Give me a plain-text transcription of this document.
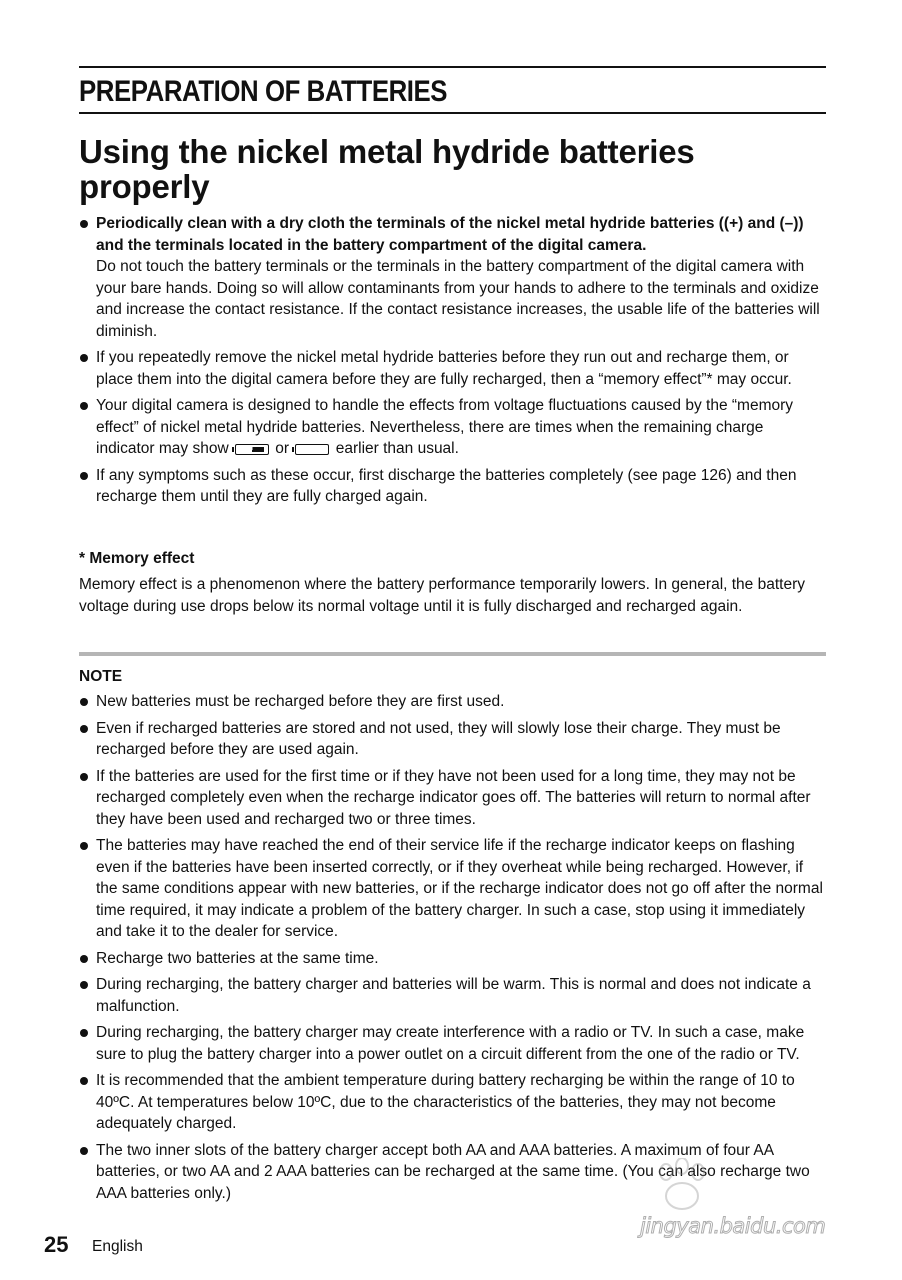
PREPARATION OF BATTERIES
Using the nickel metal hydride batteries properly
Periodically clean with a dry cloth the terminals of the nickel metal hydride batteries ((+) and (–)) and the terminals located in the battery compartment of the digital camera.
Do not touch the battery terminals or the terminals in the battery compartment of the digital camera with your bare hands. Doing so will allow contaminants from your hands to adhere to the terminals and oxidize and increase the contact resistance. If the contact resistance increases, the usable life of the batteries will diminish.
If you repeatedly remove the nickel metal hydride batteries before they run out and recharge them, or place them into the digital camera before they are fully recharged, then a “memory effect”* may occur.
Your digital camera is designed to handle the effects from voltage fluctuations caused by the “memory effect” of nickel metal hydride batteries. Nevertheless, there are times when the remaining charge indicator may show	or	earlier than usual.
If any symptoms such as these occur, first discharge the batteries completely (see page 126) and then recharge them until they are fully charged again.
* Memory effect
Memory effect is a phenomenon where the battery performance temporarily lowers. In general, the battery voltage during use drops below its normal voltage until it is fully discharged and recharged again.
NOTE
New batteries must be recharged before they are first used.
Even if recharged batteries are stored and not used, they will slowly lose their charge. They must be recharged before they are used again.
If the batteries are used for the first time or if they have not been used for a long time, they may not be recharged completely even when the recharge indicator goes off. The batteries will return to normal after they have been used and recharged two or three times.
The batteries may have reached the end of their service life if the recharge indicator keeps on flashing even if the batteries have been inserted correctly, or if they overheat while being recharged. However, if the same conditions appear with new batteries, or if the recharge indicator does not go off after the normal time required, it may indicate a problem of the battery charger. In such a case, stop using it immediately and take it to the dealer for service.
Recharge two batteries at the same time.
During recharging, the battery charger and batteries will be warm. This is normal and does not indicate a malfunction.
During recharging, the battery charger may create interference with a radio or TV. In such a case, make sure to plug the battery charger into a power outlet on a circuit different from the one of the radio or TV.
It is recommended that the ambient temperature during battery recharging be within the range of 10 to 40ºC. At temperatures below 10ºC, due to the characteristics of the batteries, they may not become adequately charged.
The two inner slots of the battery charger accept both AA and AAA batteries. A maximum of four AA batteries, or two AA and 2 AAA batteries can be recharged at the same time. (You can also recharge two AAA batteries only.)
25 English
jingyan.baidu.com
